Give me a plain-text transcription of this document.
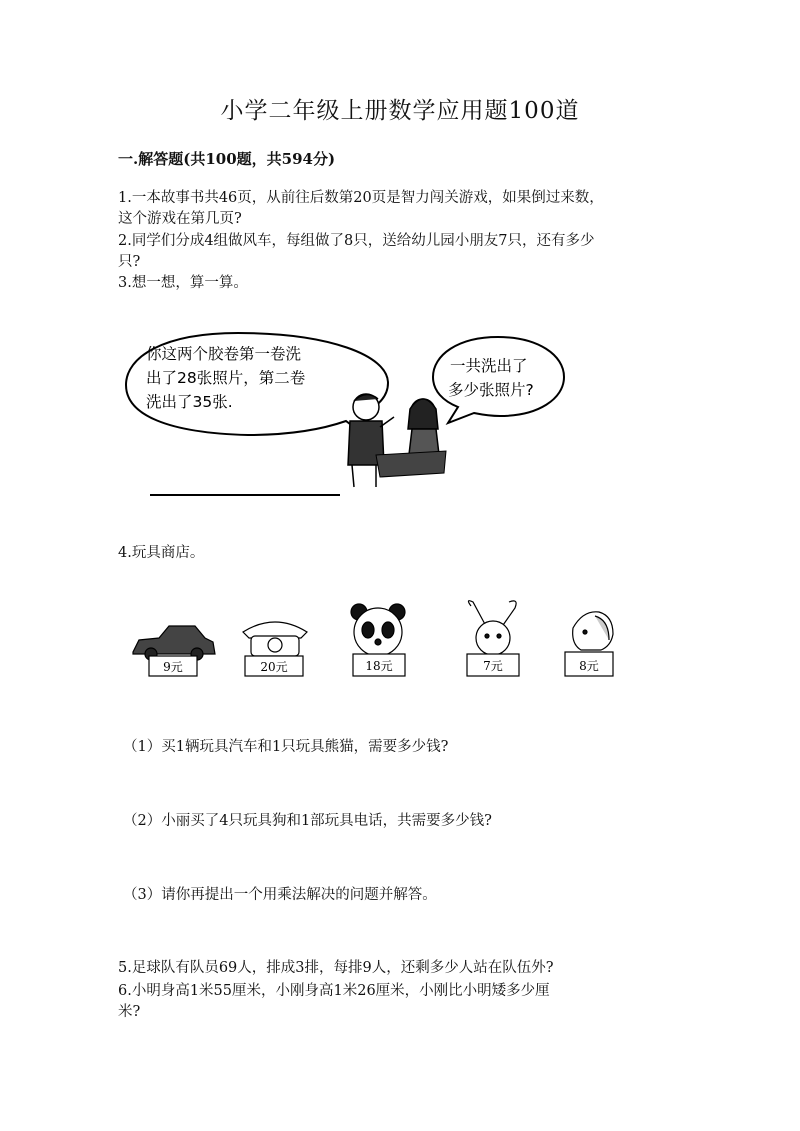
小学二年级上册数学应用题100道
一.解答题(共100题，共594分)
1.一本故事书共46页，从前往后数第20页是智力闯关游戏，如果倒过来数，
这个游戏在第几页?
2.同学们分成4组做风车，每组做了8只，送给幼儿园小朋友7只，还有多少
只?
3.想一想，算一算。
你这两个胶卷第一卷洗
出了28张照片，第二卷
洗出了35张.
一共洗出了
多少张照片?
4.玩具商店。
9元	20元	18元	7元	8元
（1）买1辆玩具汽车和1只玩具熊猫，需要多少钱?
（2）小丽买了4只玩具狗和1部玩具电话，共需要多少钱?
（3）请你再提出一个用乘法解决的问题并解答。
5.足球队有队员69人，排成3排，每排9人，还剩多少人站在队伍外?
6.小明身高1米55厘米，小刚身高1米26厘米，小刚比小明矮多少厘
米?
